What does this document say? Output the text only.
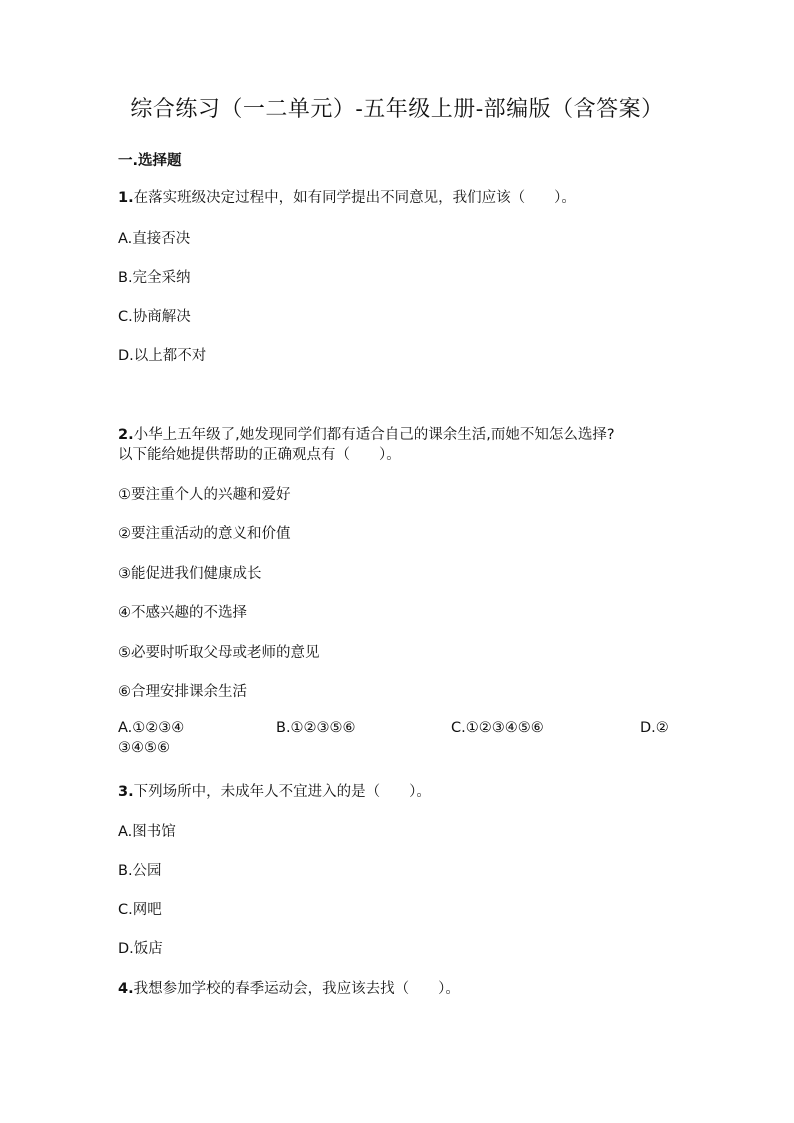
综合练习（一二单元）-五年级上册-部编版（含答案）
一.选择题
1.在落实班级决定过程中，如有同学提出不同意见，我们应该（　　）。
A.直接否决
B.完全采纳
C.协商解决
D.以上都不对
2.小华上五年级了,她发现同学们都有适合自己的课余生活,而她不知怎么选择?
以下能给她提供帮助的正确观点有（　　）。
①要注重个人的兴趣和爱好
②要注重活动的意义和价值
③能促进我们健康成长
④不感兴趣的不选择
⑤必要时听取父母或老师的意见
⑥合理安排课余生活
A.①②③④	B.①②③⑤⑥	C.①②③④⑤⑥	D.②
③④⑤⑥
3.下列场所中，未成年人不宜进入的是（　　）。
A.图书馆
B.公园
C.网吧
D.饭店
4.我想参加学校的春季运动会，我应该去找（　　）。
